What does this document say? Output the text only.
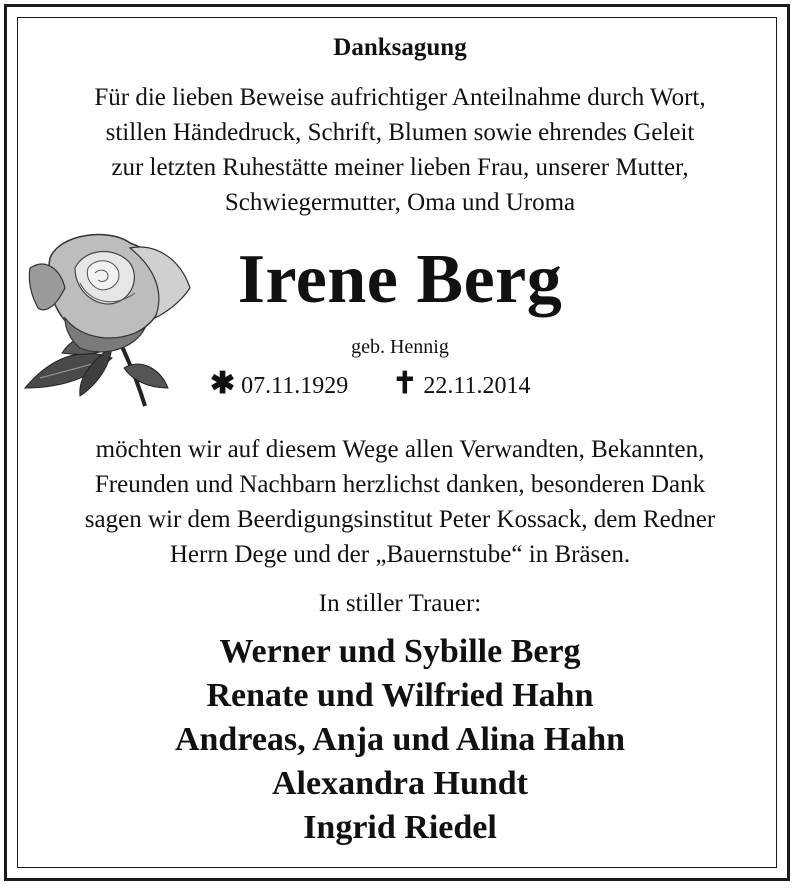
Danksagung
Für die lieben Beweise aufrichtiger Anteilnahme durch Wort,
stillen Händedruck, Schrift, Blumen sowie ehrendes Geleit
zur letzten Ruhestätte meiner lieben Frau, unserer Mutter,
Schwiegermutter, Oma und Uroma
Irene Berg
geb. Hennig
✱ 07.11.1929 ✝ 22.11.2014
möchten wir auf diesem Wege allen Verwandten, Bekannten,
Freunden und Nachbarn herzlichst danken, besonderen Dank
sagen wir dem Beerdigungsinstitut Peter Kossack, dem Redner
Herrn Dege und der „Bauernstube“ in Bräsen.
In stiller Trauer:
Werner und Sybille Berg
Renate und Wilfried Hahn
Andreas, Anja und Alina Hahn
Alexandra Hundt
Ingrid Riedel
